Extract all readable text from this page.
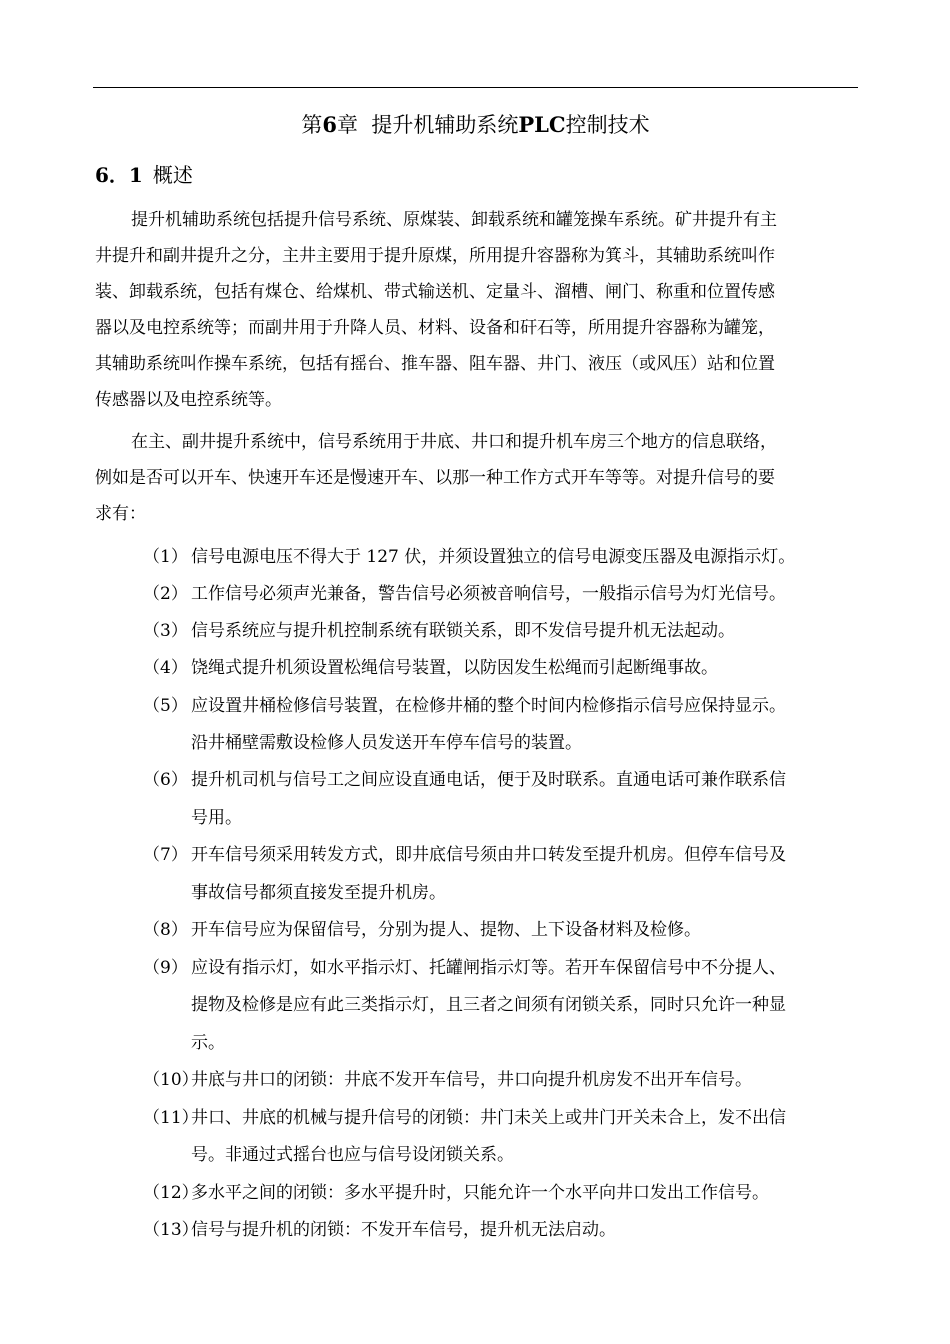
第6章 提升机辅助系统PLC控制技术
6．1 概述
提升机辅助系统包括提升信号系统、原煤装、卸载系统和罐笼操车系统。矿井提升有主
井提升和副井提升之分，主井主要用于提升原煤，所用提升容器称为箕斗，其辅助系统叫作
装、卸载系统，包括有煤仓、给煤机、带式输送机、定量斗、溜槽、闸门、称重和位置传感
器以及电控系统等；而副井用于升降人员、材料、设备和矸石等，所用提升容器称为罐笼，
其辅助系统叫作操车系统，包括有摇台、推车器、阻车器、井门、液压（或风压）站和位置
传感器以及电控系统等。
在主、副井提升系统中，信号系统用于井底、井口和提升机车房三个地方的信息联络，
例如是否可以开车、快速开车还是慢速开车、以那一种工作方式开车等等。对提升信号的要
求有：
（1） 信号电源电压不得大于 127 伏，并须设置独立的信号电源变压器及电源指示灯。
（2） 工作信号必须声光兼备，警告信号必须被音响信号，一般指示信号为灯光信号。
（3） 信号系统应与提升机控制系统有联锁关系，即不发信号提升机无法起动。
（4） 饶绳式提升机须设置松绳信号装置，以防因发生松绳而引起断绳事故。
（5） 应设置井桶检修信号装置，在检修井桶的整个时间内检修指示信号应保持显示。
沿井桶壁需敷设检修人员发送开车停车信号的装置。
（6） 提升机司机与信号工之间应设直通电话，便于及时联系。直通电话可兼作联系信
号用。
（7） 开车信号须采用转发方式，即井底信号须由井口转发至提升机房。但停车信号及
事故信号都须直接发至提升机房。
（8） 开车信号应为保留信号，分别为提人、提物、上下设备材料及检修。
（9） 应设有指示灯，如水平指示灯、托罐闸指示灯等。若开车保留信号中不分提人、
提物及检修是应有此三类指示灯，且三者之间须有闭锁关系，同时只允许一种显
示。
（10）
井底与井口的闭锁：井底不发开车信号，井口向提升机房发不出开车信号。
（11）
井口、井底的机械与提升信号的闭锁：井门未关上或井门开关未合上，发不出信
号。非通过式摇台也应与信号设闭锁关系。
（12）
多水平之间的闭锁：多水平提升时，只能允许一个水平向井口发出工作信号。
（13）
信号与提升机的闭锁：不发开车信号，提升机无法启动。
